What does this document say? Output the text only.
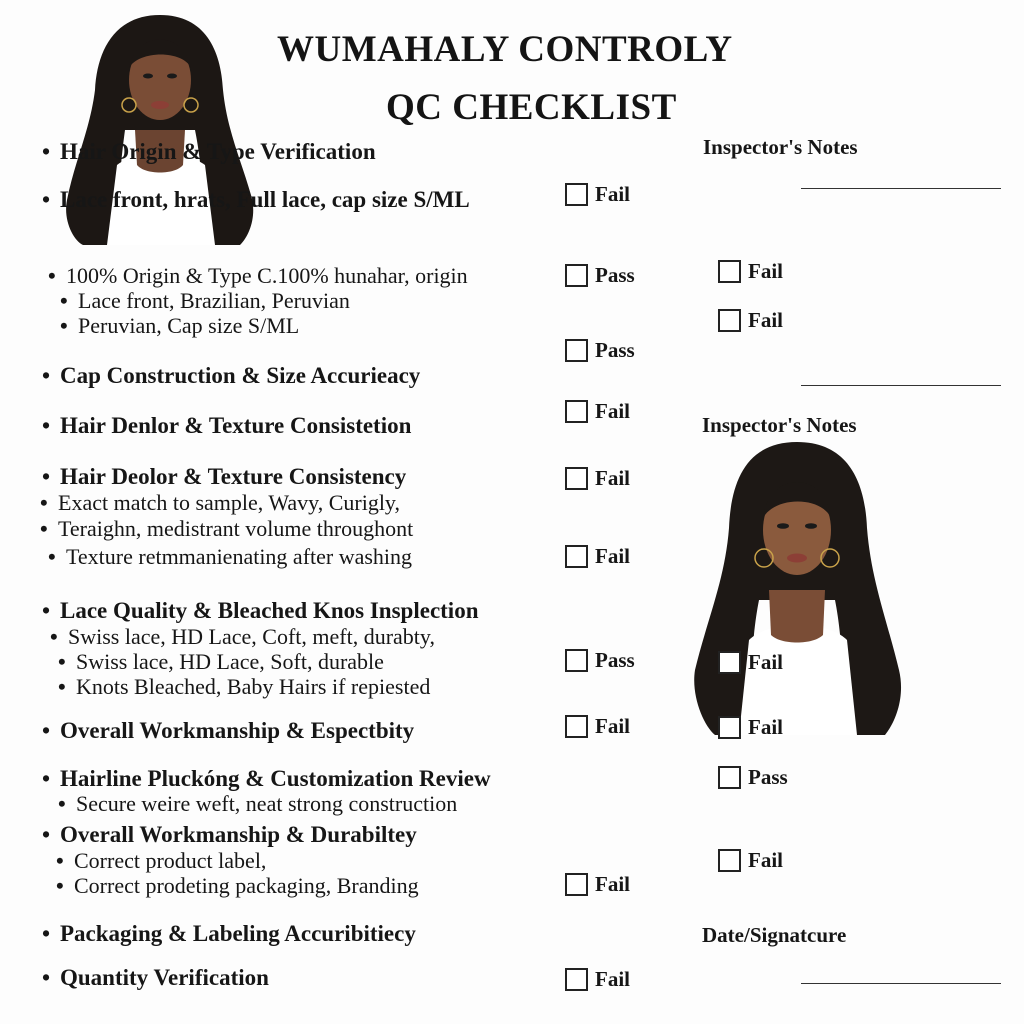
WUMAHALY CONTROLY
QC CHECKLIST
• Hair Origin & Type Verification
• Lace front, hrats, Full lace, cap size S/ML
• 100% Origin & Type C.100% hunahar, origin
• Lace front, Brazilian, Peruvian
• Peruvian, Cap size S/ML
• Cap Construction & Size Accurieacy
• Hair Denlor & Texture Consistetion
• Hair Deolor & Texture Consistency
• Exact match to sample, Wavy, Curigly,
• Teraighn, medistrant volume throughont
• Texture retmmanienating after washing
• Lace Quality & Bleached Knos Insplection
• Swiss lace, HD Lace, Coft, meft, durabty,
• Swiss lace, HD Lace, Soft, durable
• Knots Bleached, Baby Hairs if repiested
• Overall Workmanship & Espectbity
• Hairline Pluckóng & Customization Review
• Secure weire weft, neat strong construction
• Overall Workmanship & Durabiltey
• Correct product label,
• Correct prodeting packaging, Branding
• Packaging & Labeling Accuribitiecy
• Quantity Verification
Fail
Pass
Pass
Fail
Fail
Fail
Pass
Fail
Fail
Fail
Inspector's Notes
Fail
Fail
Inspector's Notes
Fail
Fail
Pass
Fail
Date/Signatcure
